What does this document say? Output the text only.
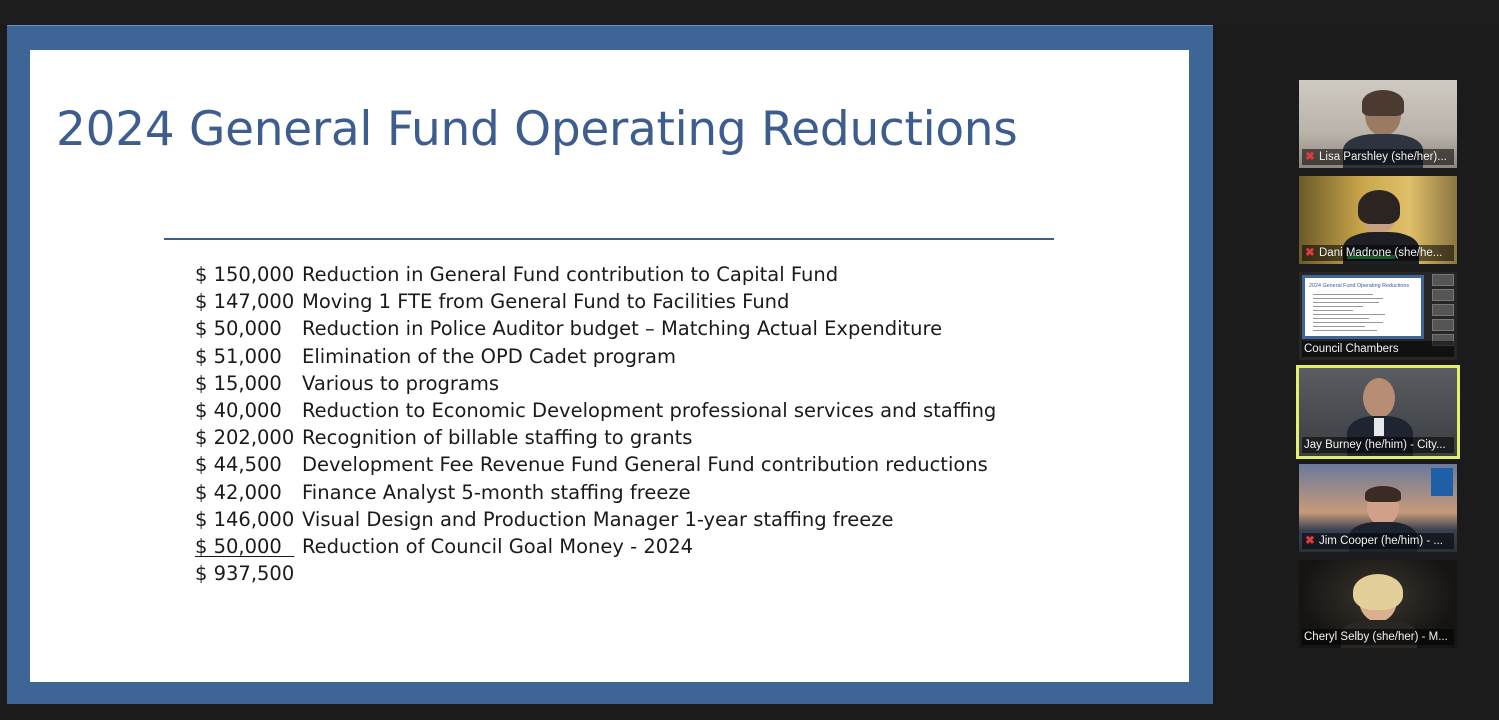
2024 General Fund Operating Reductions
$ 150,000 Reduction in General Fund contribution to Capital Fund
$ 147,000 Moving 1 FTE from General Fund to Facilities Fund
$ 50,000 Reduction in Police Auditor budget – Matching Actual Expenditure
$ 51,000 Elimination of the OPD Cadet program
$ 15,000 Various to programs
$ 40,000 Reduction to Economic Development professional services and staffing
$ 202,000 Recognition of billable staffing to grants
$ 44,500 Development Fee Revenue Fund General Fund contribution reductions
$ 42,000 Finance Analyst 5-month staffing freeze
$ 146,000 Visual Design and Production Manager 1-year staffing freeze
$ 50,000	Reduction of Council Goal Money - 2024
$ 937,500
✖ Lisa Parshley (she/her)...
✖ Dani Madrone (she/he...
2024 General Fund Operating Reductions
Council Chambers
Jay Burney (he/him) - City...
✖ Jim Cooper (he/him) - ...
Cheryl Selby (she/her) - M...
